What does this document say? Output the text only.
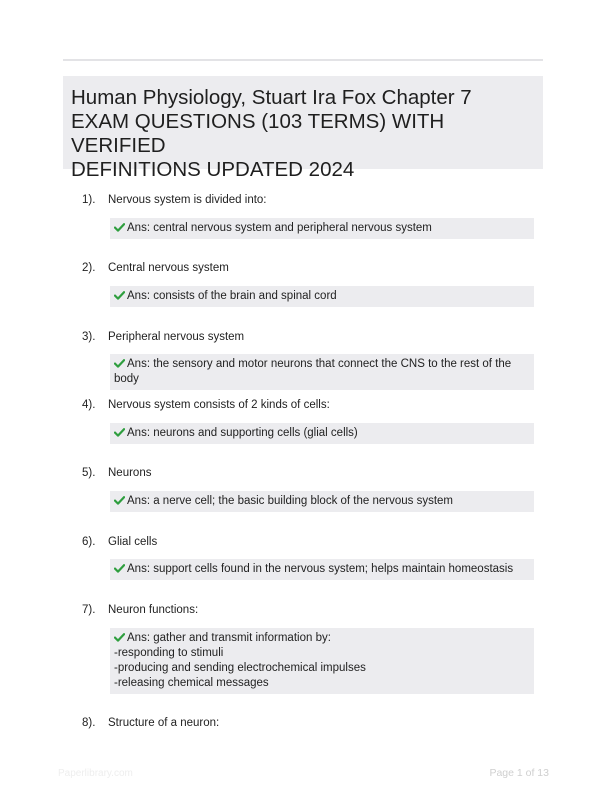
Human Physiology, Stuart Ira Fox Chapter 7
EXAM QUESTIONS (103 TERMS) WITH VERIFIED
DEFINITIONS UPDATED 2024
1). Nervous system is divided into:
Ans: central nervous system and peripheral nervous system
2). Central nervous system
Ans: consists of the brain and spinal cord
3). Peripheral nervous system
Ans: the sensory and motor neurons that connect the CNS to the rest of the body
4). Nervous system consists of 2 kinds of cells:
Ans: neurons and supporting cells (glial cells)
5). Neurons
Ans: a nerve cell; the basic building block of the nervous system
6). Glial cells
Ans: support cells found in the nervous system; helps maintain homeostasis
7). Neuron functions:
Ans: gather and transmit information by:
-responding to stimuli
-producing and sending electrochemical impulses
-releasing chemical messages
8). Structure of a neuron:
Paperlibrary.com	Page 1 of 13
